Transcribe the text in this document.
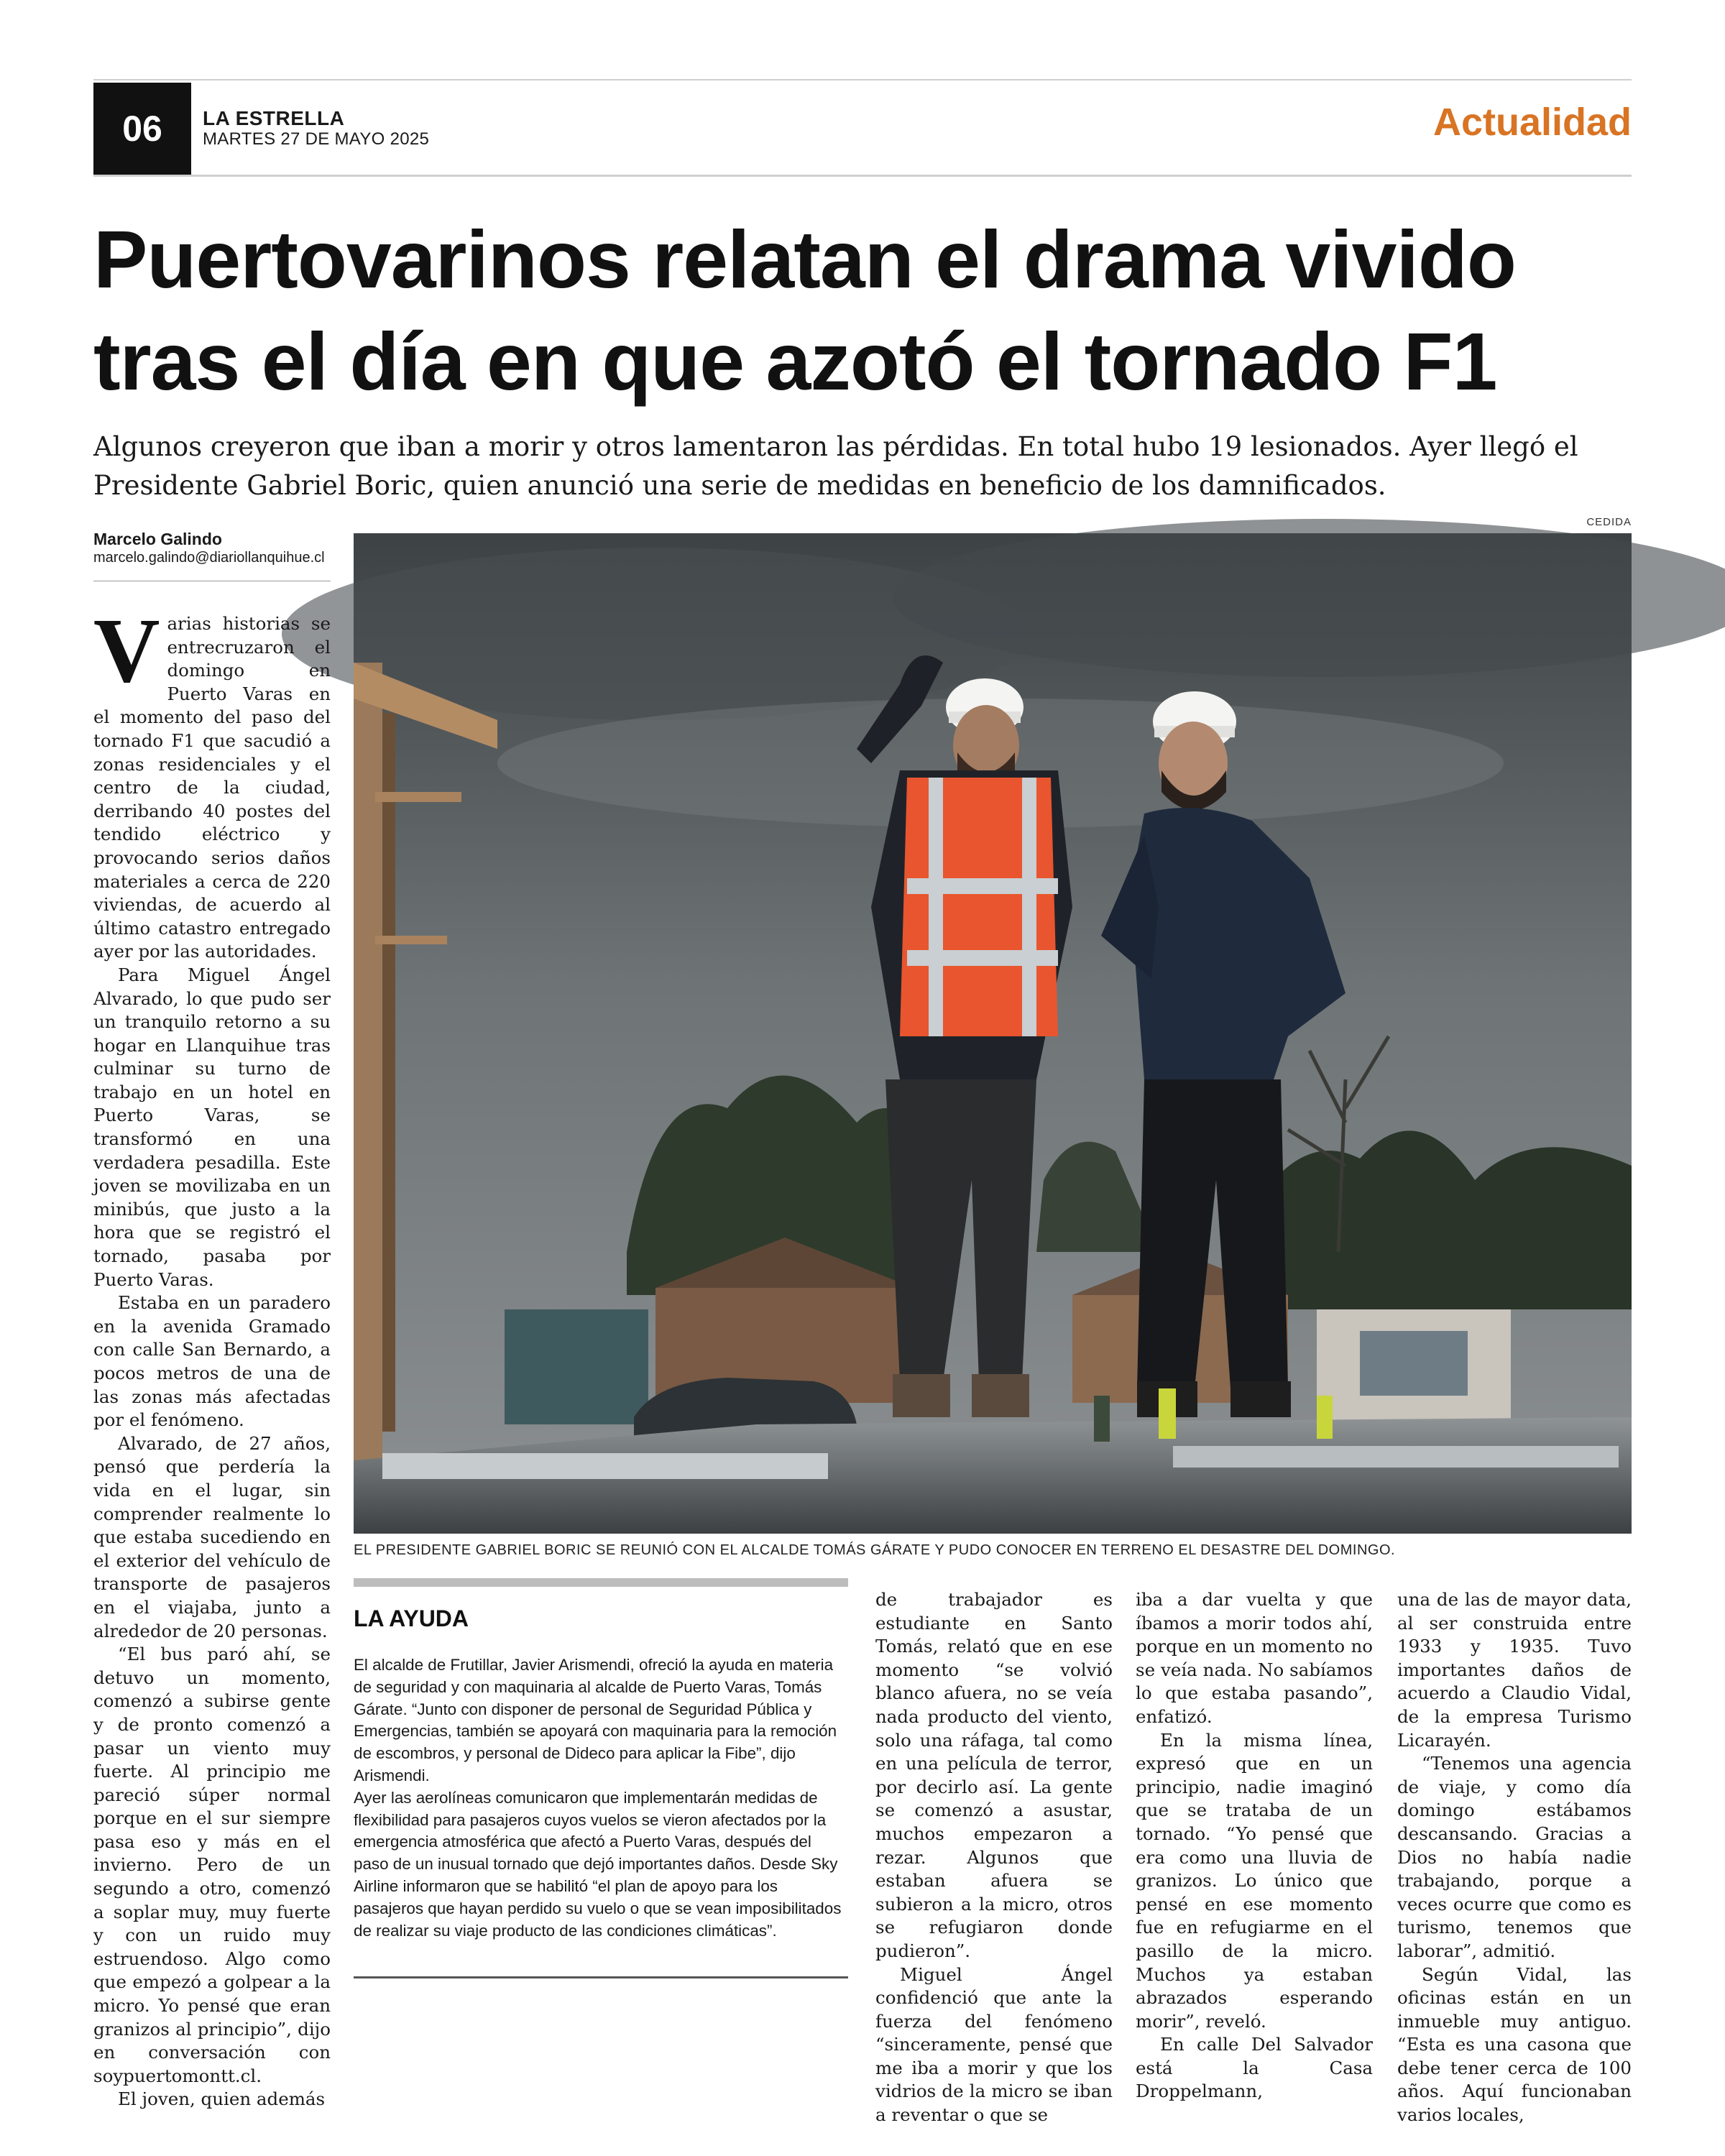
06	LA ESTRELLA
MARTES 27 DE MAYO 2025	Actualidad
Puertovarinos relatan el drama vivido tras el día en que azotó el tornado F1
Algunos creyeron que iban a morir y otros lamentaron las pérdidas. En total hubo 19 lesionados. Ayer llegó el Presidente Gabriel Boric, quien anunció una serie de medidas en beneficio de los damnificados.
Marcelo Galindo
marcelo.galindo@diariollanquihue.cl
CEDIDA
EL PRESIDENTE GABRIEL BORIC SE REUNIÓ CON EL ALCALDE TOMÁS GÁRATE Y PUDO CONOCER EN TERRENO EL DESASTRE DEL DOMINGO.

Varias historias se entrecruzaron el domingo en Puerto Varas en el momento del paso del tornado F1 que sacudió a zonas residenciales y el centro de la ciudad, derribando 40 postes del tendido eléctrico y provocando serios daños materiales a cerca de 220 viviendas, de acuerdo al último catastro entregado ayer por las autoridades.

Para Miguel Ángel Alvarado, lo que pudo ser un tranquilo retorno a su hogar en Llanquihue tras culminar su turno de trabajo en un hotel en Puerto Varas, se transformó en una verdadera pesadilla. Este joven se movilizaba en un minibús, que justo a la hora que se registró el tornado, pasaba por Puerto Varas.

Estaba en un paradero en la avenida Gramado con calle San Bernardo, a pocos metros de una de las zonas más afectadas por el fenómeno.

Alvarado, de 27 años, pensó que perdería la vida en el lugar, sin comprender realmente lo que estaba sucediendo en el exterior del vehículo de transporte de pasajeros en el viajaba, junto a alrededor de 20 personas.

“El bus paró ahí, se detuvo un momento, comenzó a subirse gente y de pronto comenzó a pasar un viento muy fuerte. Al principio me pareció súper normal porque en el sur siempre pasa eso y más en el invierno. Pero de un segundo a otro, comenzó a soplar muy, muy fuerte y con un ruido muy estruendoso. Algo como que empezó a golpear a la micro. Yo pensé que eran granizos al principio”, dijo en conversación con soypuertomontt.cl.

El joven, quien además

LA AYUDA

El alcalde de Frutillar, Javier Arismendi, ofreció la ayuda en materia de seguridad y con maquinaria al alcalde de Puerto Varas, Tomás Gárate. “Junto con disponer de personal de Seguridad Pública y Emergencias, también se apoyará con maquinaria para la remoción de escombros, y personal de Dideco para aplicar la Fibe”, dijo Arismendi.

Ayer las aerolíneas comunicaron que implementarán medidas de flexibilidad para pasajeros cuyos vuelos se vieron afectados por la emergencia atmosférica que afectó a Puerto Varas, después del paso de un inusual tornado que dejó importantes daños. Desde Sky Airline informaron que se habilitó “el plan de apoyo para los pasajeros que hayan perdido su vuelo o que se vean imposibilitados de realizar su viaje producto de las condiciones climáticas”.

de trabajador es estudiante en Santo Tomás, relató que en ese momento “se volvió blanco afuera, no se veía nada producto del viento, solo una ráfaga, tal como en una película de terror, por decirlo así. La gente se comenzó a asustar, muchos empezaron a rezar. Algunos que estaban afuera se subieron a la micro, otros se refugiaron donde pudieron”.

Miguel Ángel confidenció que ante la fuerza del fenómeno “sinceramente, pensé que me iba a morir y que los vidrios de la micro se iban a reventar o que se

iba a dar vuelta y que íbamos a morir todos ahí, porque en un momento no se veía nada. No sabíamos lo que estaba pasando”, enfatizó.

En la misma línea, expresó que en un principio, nadie imaginó que se trataba de un tornado. “Yo pensé que era como una lluvia de granizos. Lo único que pensé en ese momento fue en refugiarme en el pasillo de la micro. Muchos ya estaban abrazados esperando morir”, reveló.

En calle Del Salvador está la Casa Droppelmann,

una de las de mayor data, al ser construida entre 1933 y 1935. Tuvo importantes daños de acuerdo a Claudio Vidal, de la empresa Turismo Licarayén.

“Tenemos una agencia de viaje, y como día domingo estábamos descansando. Gracias a Dios no había nadie trabajando, porque a veces ocurre que como es turismo, tenemos que laborar”, admitió.

Según Vidal, las oficinas están en un inmueble muy antiguo. “Esta es una casona que debe tener cerca de 100 años. Aquí funcionaban varios locales,
